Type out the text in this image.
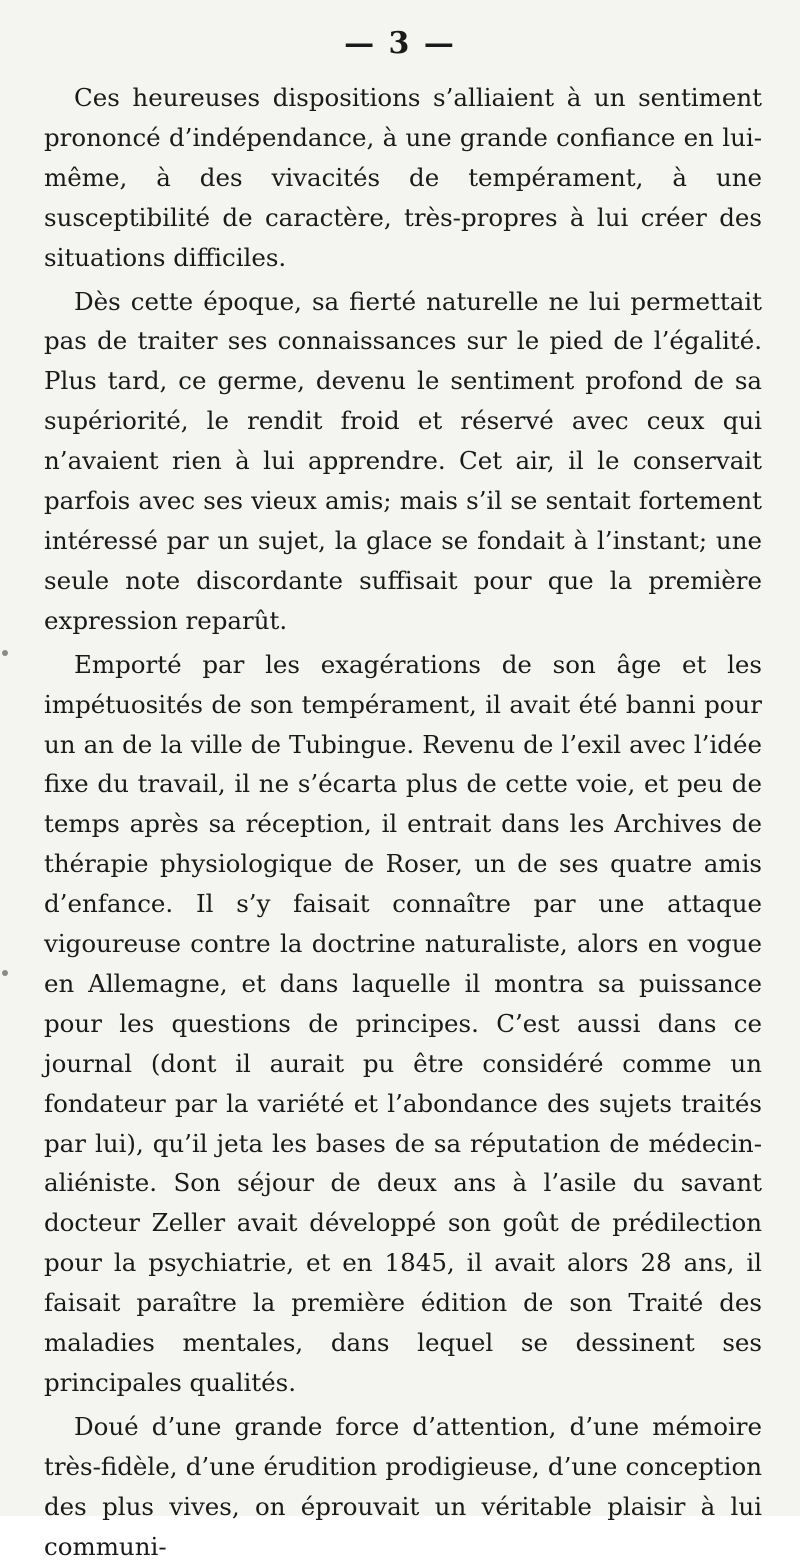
— 3 —

Ces heureuses dispositions s’alliaient à un sentiment prononcé d’indépendance, à une grande confiance en lui-même, à des vivacités de tempérament, à une susceptibilité de caractère, très-propres à lui créer des situations difficiles.

Dès cette époque, sa fierté naturelle ne lui permettait pas de traiter ses connaissances sur le pied de l’égalité. Plus tard, ce germe, devenu le sentiment profond de sa supériorité, le rendit froid et réservé avec ceux qui n’avaient rien à lui apprendre. Cet air, il le conservait parfois avec ses vieux amis; mais s’il se sentait fortement intéressé par un sujet, la glace se fondait à l’instant; une seule note discordante suffisait pour que la première expression reparût.

Emporté par les exagérations de son âge et les impétuosités de son tempérament, il avait été banni pour un an de la ville de Tubingue. Revenu de l’exil avec l’idée fixe du travail, il ne s’écarta plus de cette voie, et peu de temps après sa réception, il entrait dans les Archives de thérapie physiologique de Roser, un de ses quatre amis d’enfance. Il s’y faisait connaître par une attaque vigoureuse contre la doctrine naturaliste, alors en vogue en Allemagne, et dans laquelle il montra sa puissance pour les questions de principes. C’est aussi dans ce journal (dont il aurait pu être considéré comme un fondateur par la variété et l’abondance des sujets traités par lui), qu’il jeta les bases de sa réputation de médecin-aliéniste. Son séjour de deux ans à l’asile du savant docteur Zeller avait développé son goût de prédilection pour la psychiatrie, et en 1845, il avait alors 28 ans, il faisait paraître la première édition de son Traité des maladies mentales, dans lequel se dessinent ses principales qualités.

Doué d’une grande force d’attention, d’une mémoire très-fidèle, d’une érudition prodigieuse, d’une conception des plus vives, on éprouvait un véritable plaisir à lui communi-
